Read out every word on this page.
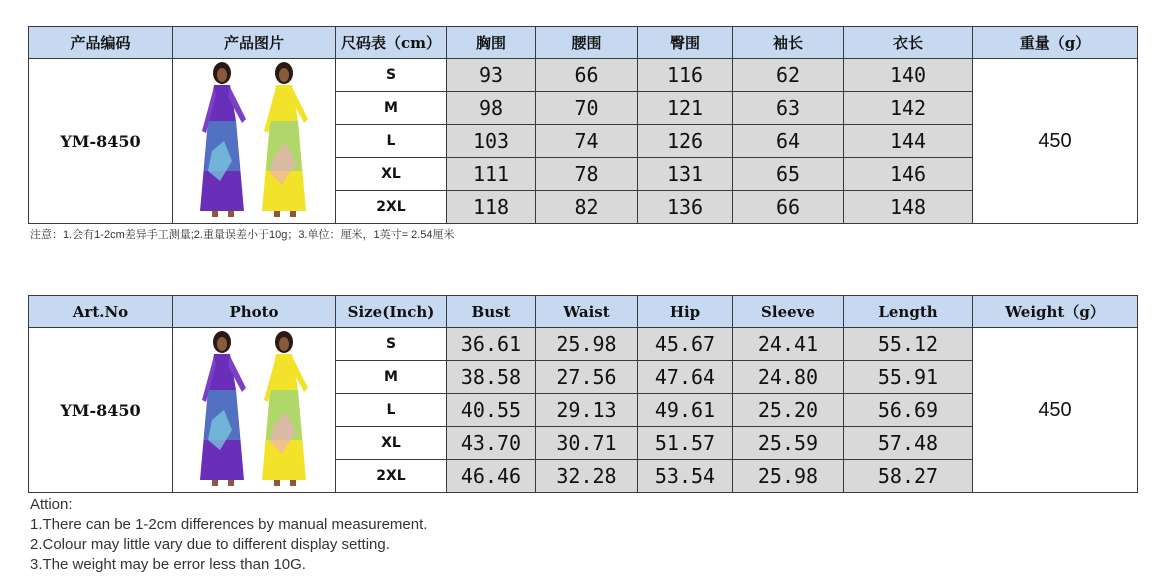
产品编码	产品图片	尺码表（cm）	胸围	腰围	臀围	袖长	衣长	重量（g）
YM-8450		S	93	66	116	62	140	450
		M	98	70	121	63	142	
		L	103	74	126	64	144	
		XL	111	78	131	65	146	
		2XL	118	82	136	66	148	
注意：1.会有1-2cm差异手工测量;2.重量误差小于10g；3.单位：厘米，1英寸= 2.54厘米
Art.No	Photo	Size(Inch)	Bust	Waist	Hip	Sleeve	Length	Weight（g）
YM-8450		S	36.61	25.98	45.67	24.41	55.12	450
		M	38.58	27.56	47.64	24.80	55.91	
		L	40.55	29.13	49.61	25.20	56.69	
		XL	43.70	30.71	51.57	25.59	57.48	
		2XL	46.46	32.28	53.54	25.98	58.27	
Attion:
1.There can be 1-2cm differences by manual measurement.
2.Colour may little vary due to different display setting.
3.The weight may be error less than 10G.
